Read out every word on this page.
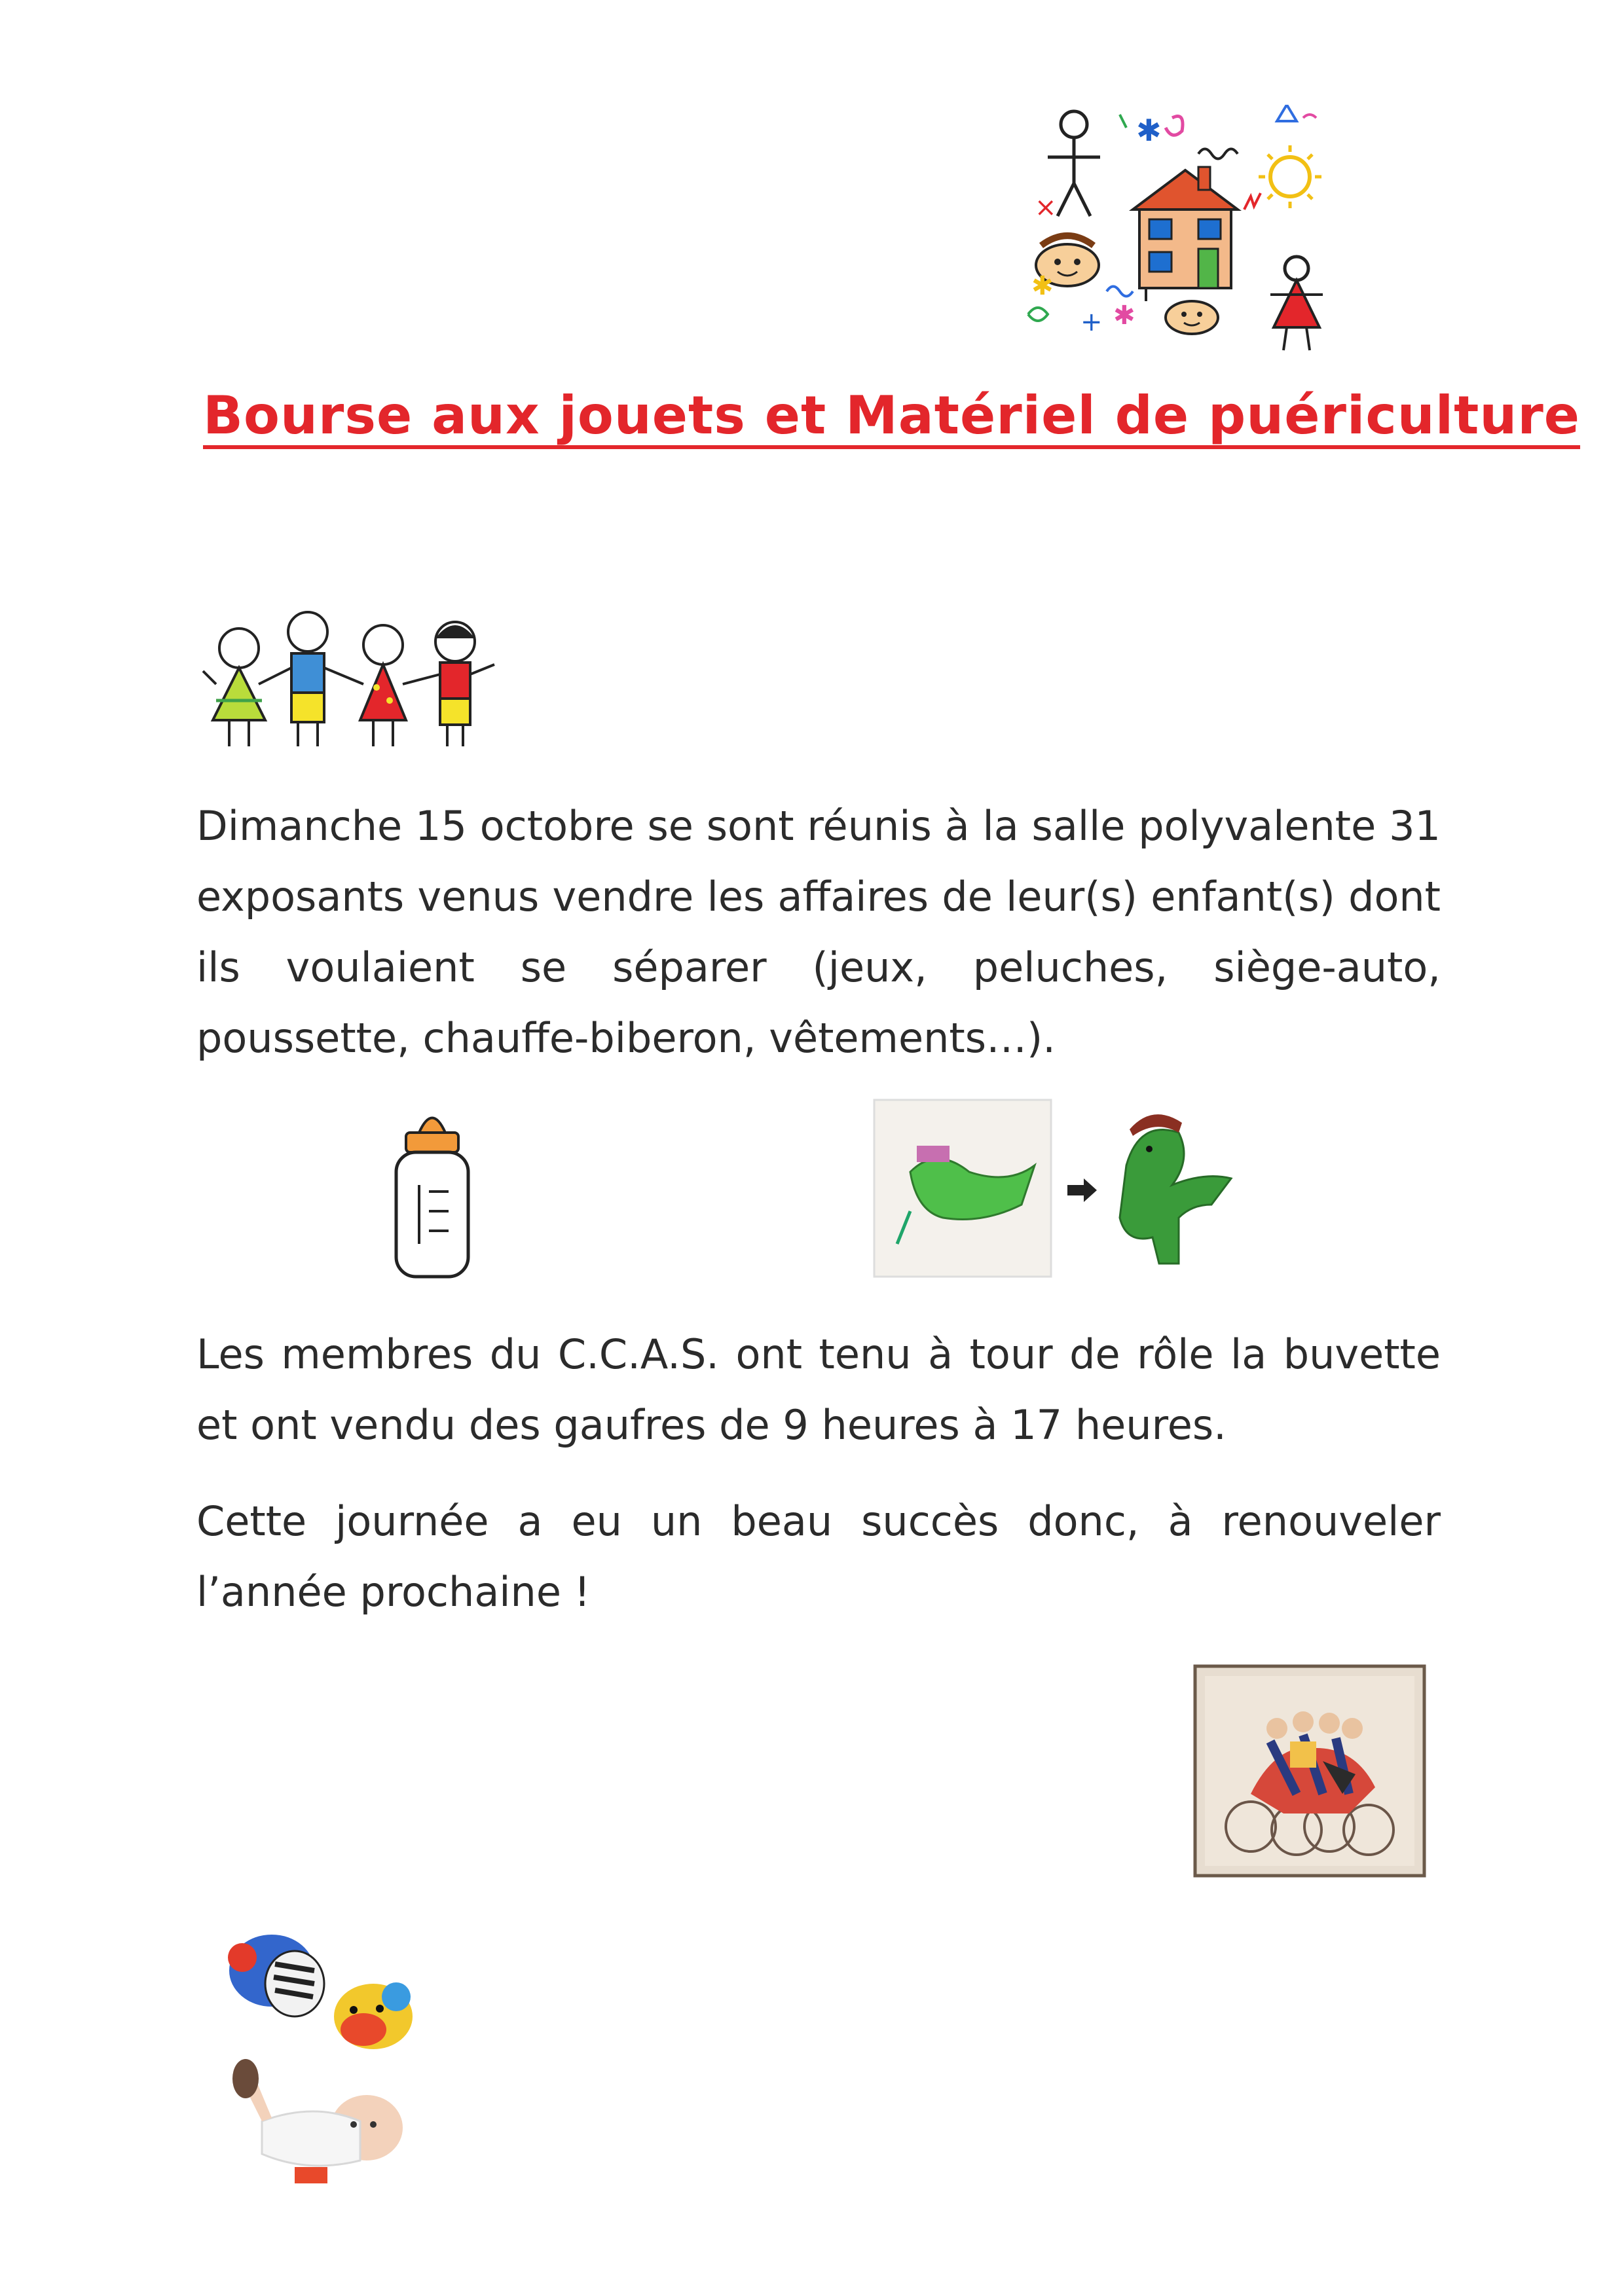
✱
+ ✱
✱
×
Bourse aux jouets et Matériel de puériculture

Dimanche 15 octobre se sont réunis à la salle polyvalente 31 exposants venus vendre les affaires de leur(s) enfant(s) dont ils voulaient se séparer (jeux, peluches, siège-auto, poussette, chauffe-biberon, vêtements…).

Les membres du C.C.A.S. ont tenu à tour de rôle la buvette et ont vendu des gaufres de 9 heures à 17 heures.

Cette journée a eu un beau succès donc, à renouveler l’année prochaine !
